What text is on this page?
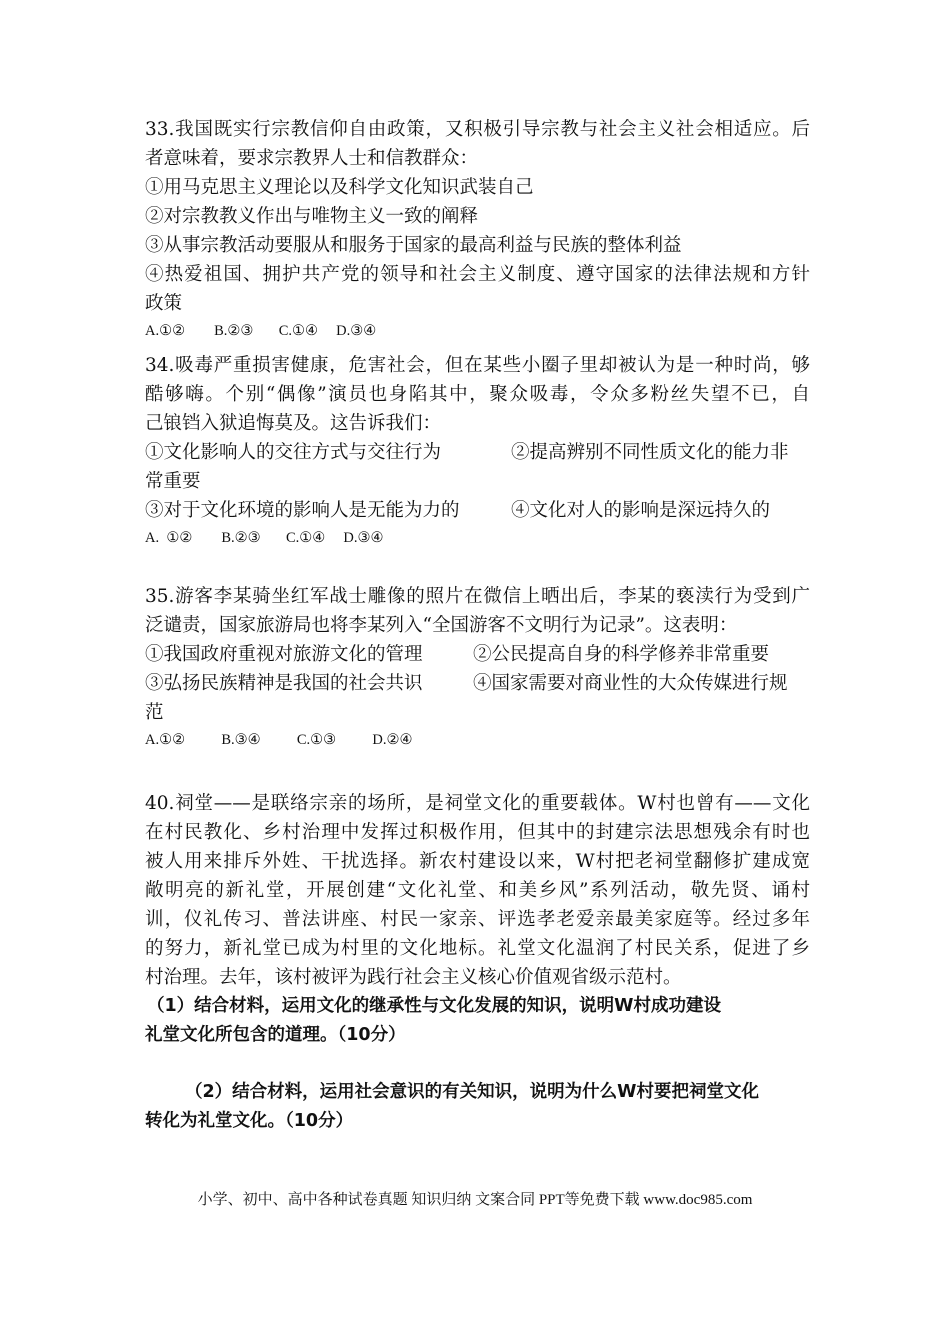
33.我国既实行宗教信仰自由政策，又积极引导宗教与社会主义社会相适应。后
者意味着，要求宗教界人士和信教群众：
①用马克思主义理论以及科学文化知识武装自己
②对宗教教义作出与唯物主义一致的阐释
③从事宗教活动要服从和服务于国家的最高利益与民族的整体利益
④热爱祖国、拥护共产党的领导和社会主义制度、遵守国家的法律法规和方针
政策
A.①②        B.②③       C.①④     D.③④
34.吸毒严重损害健康，危害社会，但在某些小圈子里却被认为是一种时尚，够
酷够嗨。个别“偶像”演员也身陷其中，聚众吸毒，令众多粉丝失望不已，自
己锒铛入狱追悔莫及。这告诉我们：
①文化影响人的交往方式与交往行为	②提高辨别不同性质文化的能力非
常重要
③对于文化环境的影响人是无能为力的	④文化对人的影响是深远持久的
A.  ①②        B.②③       C.①④     D.③④
35.游客李某骑坐红军战士雕像的照片在微信上晒出后，李某的亵渎行为受到广
泛谴责，国家旅游局也将李某列入“全国游客不文明行为记录”。这表明：
①我国政府重视对旅游文化的管理	②公民提高自身的科学修养非常重要
③弘扬民族精神是我国的社会共识	④国家需要对商业性的大众传媒进行规
范
A.①②          B.③④          C.①③          D.②④
40.祠堂——是联络宗亲的场所，是祠堂文化的重要载体。W村也曾有——文化
在村民教化、乡村治理中发挥过积极作用，但其中的封建宗法思想残余有时也
被人用来排斥外姓、干扰选择。新农村建设以来，W村把老祠堂翻修扩建成宽
敞明亮的新礼堂，开展创建“文化礼堂、和美乡风”系列活动，敬先贤、诵村
训，仪礼传习、普法讲座、村民一家亲、评选孝老爱亲最美家庭等。经过多年
的努力，新礼堂已成为村里的文化地标。礼堂文化温润了村民关系，促进了乡
村治理。去年，该村被评为践行社会主义核心价值观省级示范村。
（1）结合材料，运用文化的继承性与文化发展的知识，说明W村成功建设
礼堂文化所包含的道理。（10分）
（2）结合材料，运用社会意识的有关知识，说明为什么W村要把祠堂文化
转化为礼堂文化。（10分）
小学、初中、高中各种试卷真题 知识归纳 文案合同 PPT等免费下载 www.doc985.com
